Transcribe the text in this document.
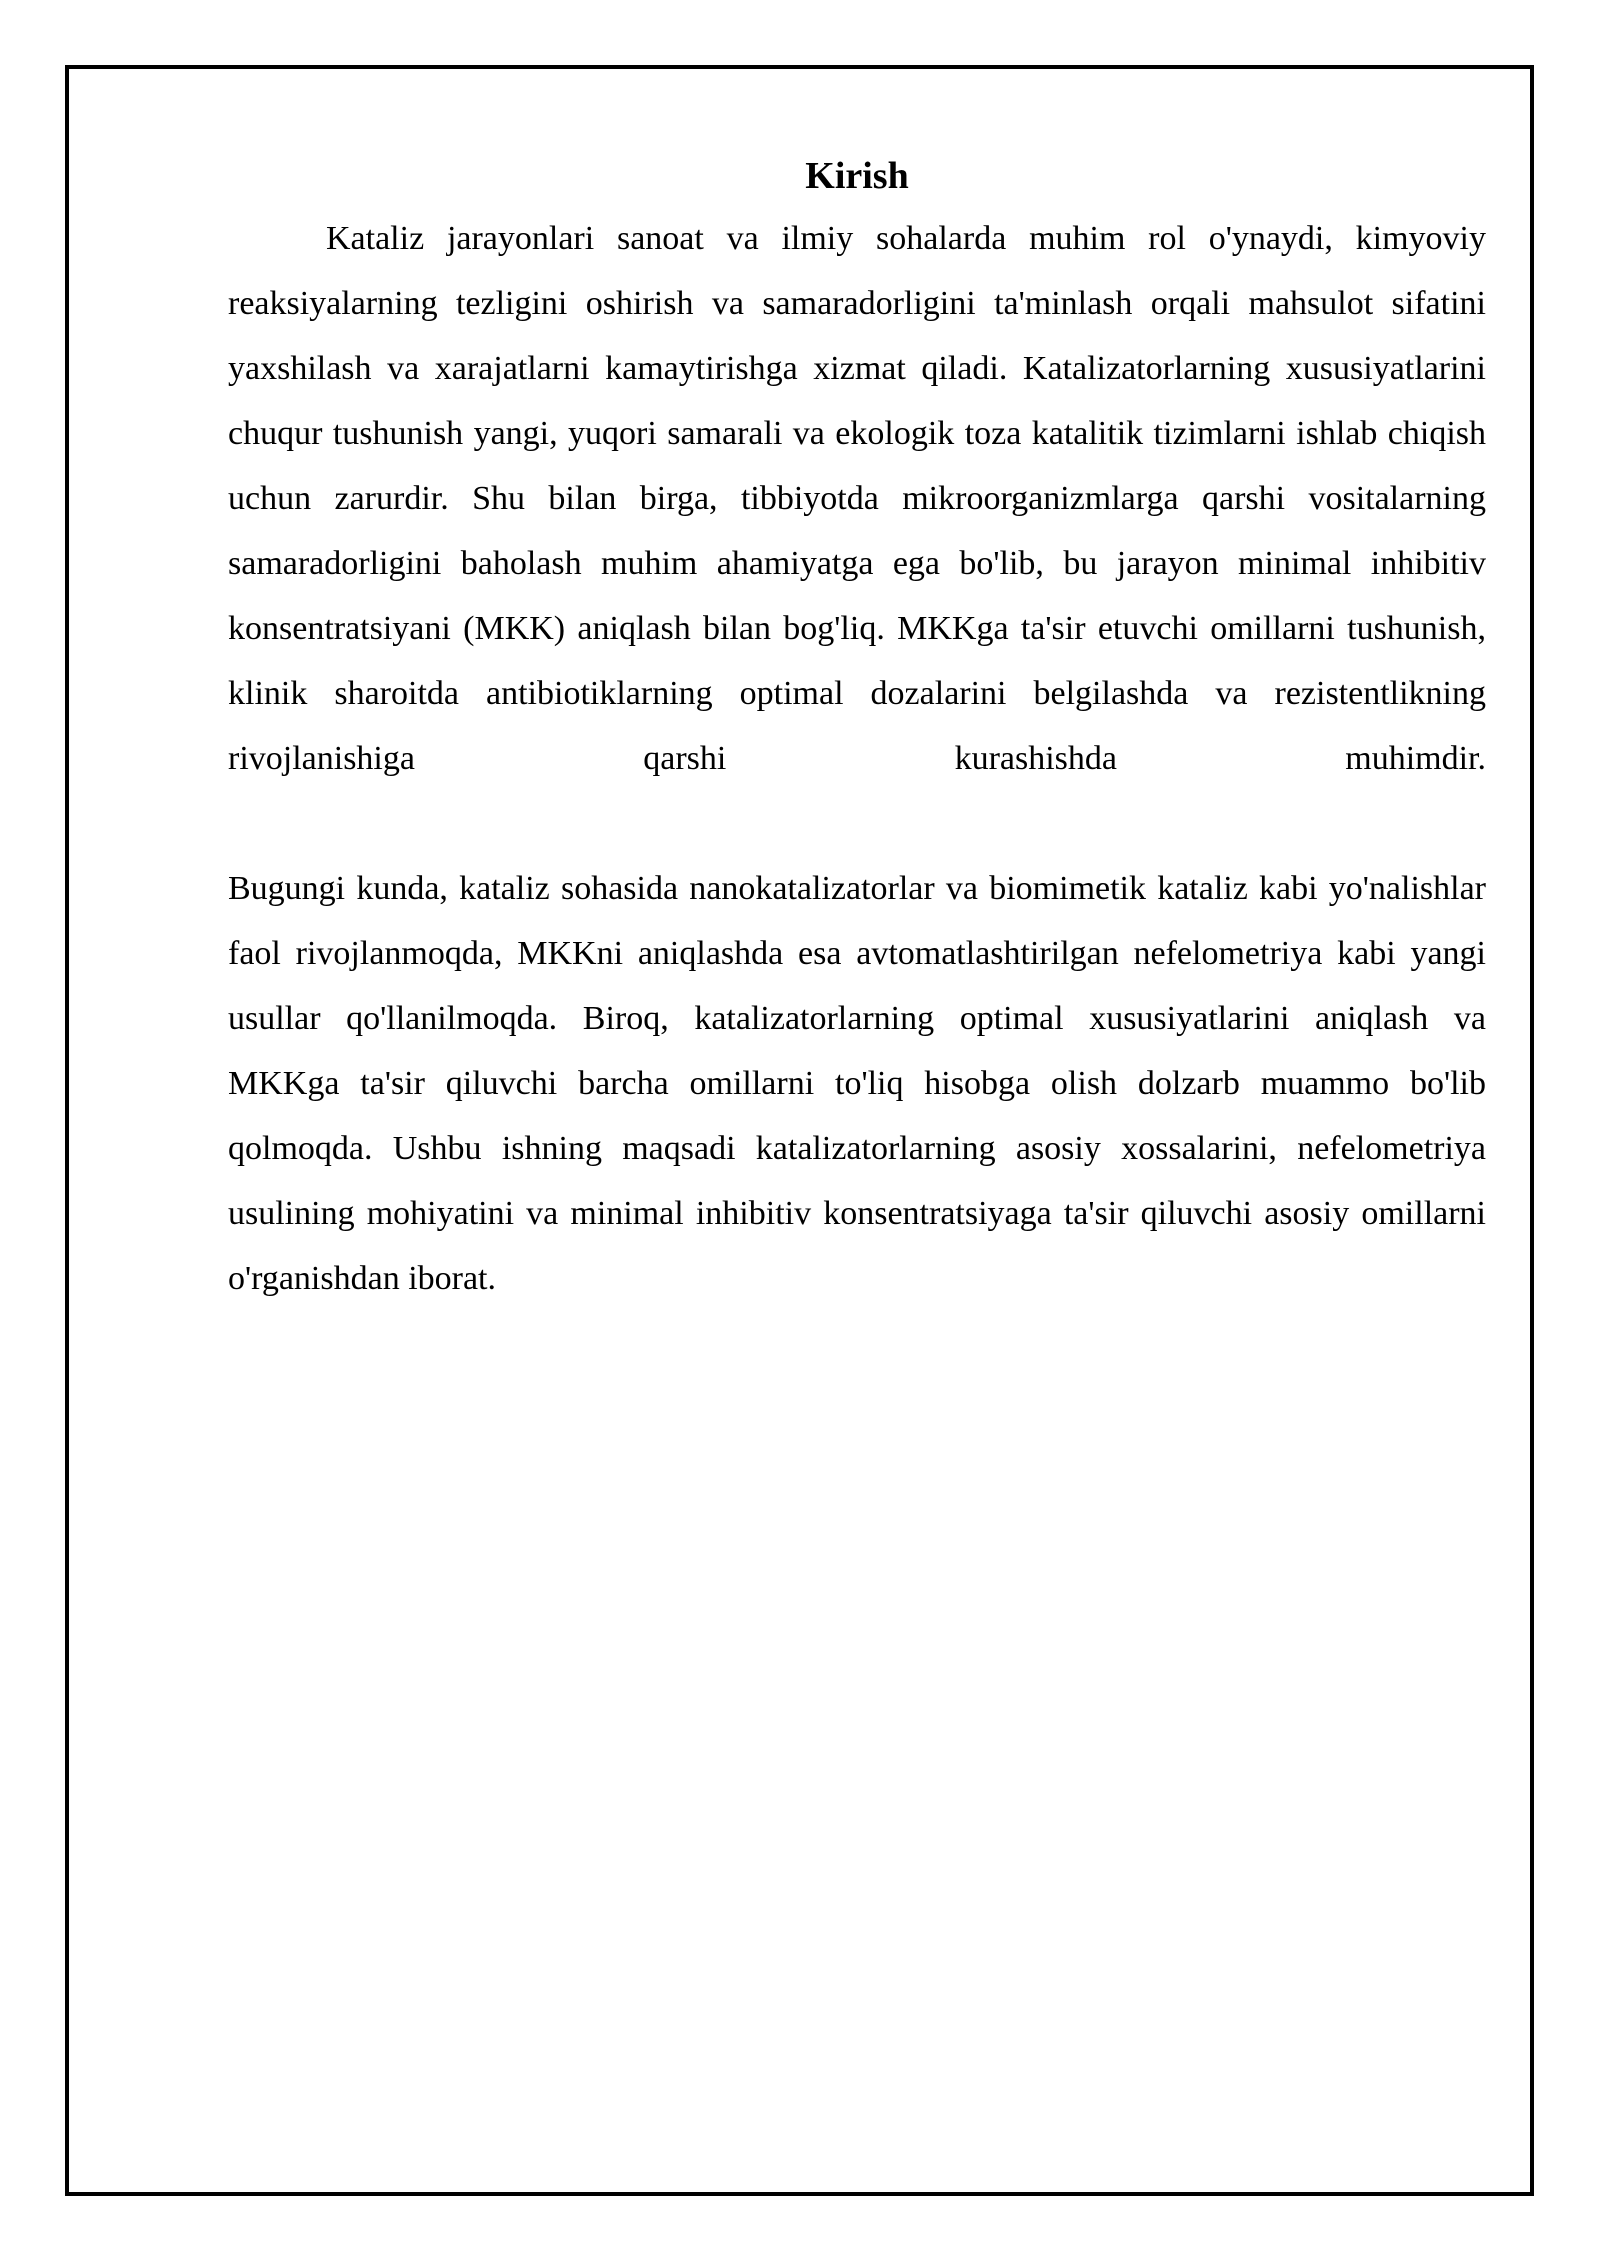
Kirish

Kataliz jarayonlari sanoat va ilmiy sohalarda muhim rol o'ynaydi, kimyoviy reaksiyalarning tezligini oshirish va samaradorligini ta'minlash orqali mahsulot sifatini yaxshilash va xarajatlarni kamaytirishga xizmat qiladi. Katalizatorlarning xususiyatlarini chuqur tushunish yangi, yuqori samarali va ekologik toza katalitik tizimlarni ishlab chiqish uchun zarurdir. Shu bilan birga, tibbiyotda mikroorganizmlarga qarshi vositalarning samaradorligini baholash muhim ahamiyatga ega bo'lib, bu jarayon minimal inhibitiv konsentratsiyani (MKK) aniqlash bilan bog'liq. MKKga ta'sir etuvchi omillarni tushunish, klinik sharoitda antibiotiklarning optimal dozalarini belgilashda va rezistentlikning rivojlanishiga qarshi kurashishda muhimdir.

Bugungi kunda, kataliz sohasida nanokatalizatorlar va biomimetik kataliz kabi yo'nalishlar faol rivojlanmoqda, MKKni aniqlashda esa avtomatlashtirilgan nefelometriya kabi yangi usullar qo'llanilmoqda. Biroq, katalizatorlarning optimal xususiyatlarini aniqlash va MKKga ta'sir qiluvchi barcha omillarni to'liq hisobga olish dolzarb muammo bo'lib qolmoqda. Ushbu ishning maqsadi katalizatorlarning asosiy xossalarini, nefelometriya usulining mohiyatini va minimal inhibitiv konsentratsiyaga ta'sir qiluvchi asosiy omillarni o'rganishdan iborat.
